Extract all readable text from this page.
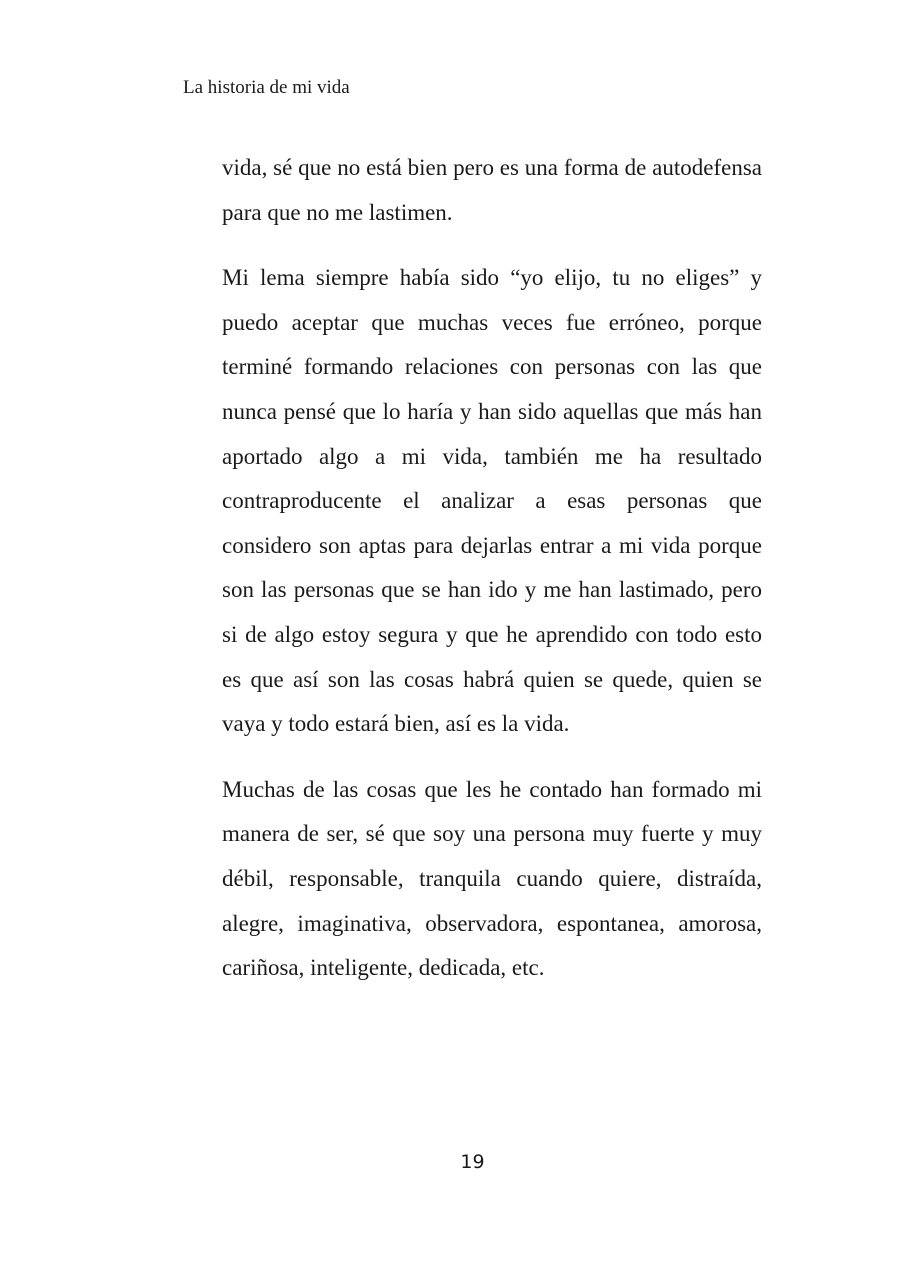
La historia de mi vida

vida, sé que no está bien pero es una forma de autodefensa para que no me lastimen.

Mi lema siempre había sido “yo elijo, tu no eliges” y puedo aceptar que muchas veces fue erróneo, porque terminé formando relaciones con personas con las que nunca pensé que lo haría y han sido aquellas que más han aportado algo a mi vida, también me ha resultado contraproducente el analizar a esas personas que considero son aptas para dejarlas entrar a mi vida porque son las personas que se han ido y me han lastimado, pero si de algo estoy segura y que he aprendido con todo esto es que así son las cosas habrá quien se quede, quien se vaya y todo estará bien, así es la vida.

Muchas de las cosas que les he contado han formado mi manera de ser, sé que soy una persona muy fuerte y muy débil, responsable, tranquila cuando quiere, distraída, alegre, imaginativa, observadora, espontanea, amorosa, cariñosa, inteligente, dedicada, etc.

19
